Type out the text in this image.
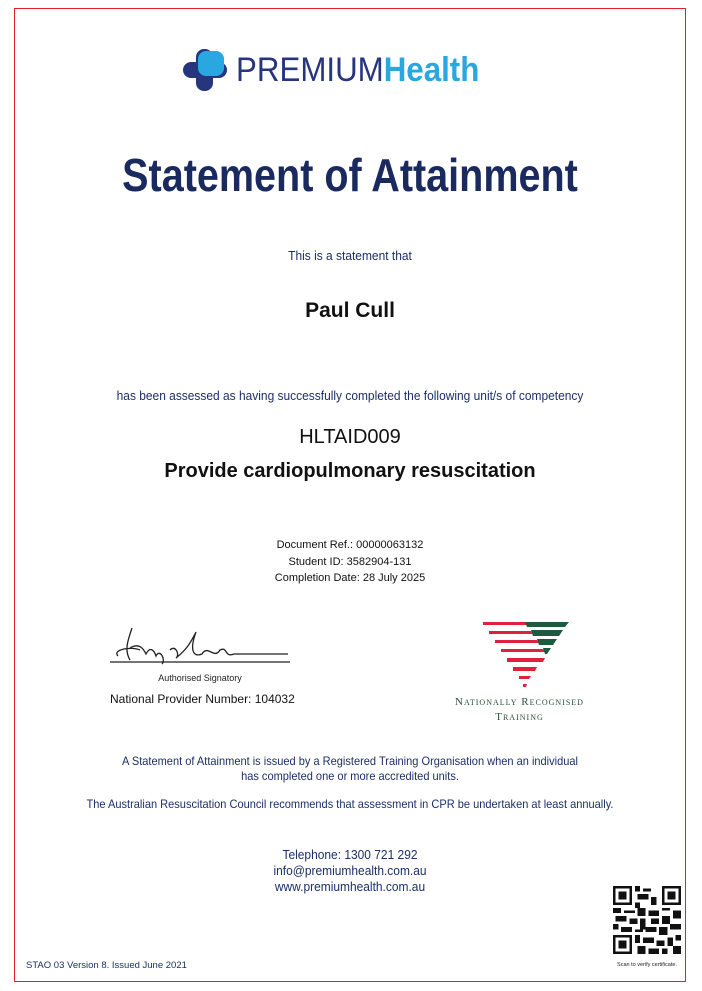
PREMIUMHealth
Statement of Attainment
This is a statement that
Paul Cull
has been assessed as having successfully completed the following unit/s of competency
HLTAID009
Provide cardiopulmonary resuscitation
Document Ref.: 00000063132
Student ID: 3582904-131
Completion Date: 28 July 2025
Authorised Signatory
National Provider Number: 104032	Nationally Recognised
Training
A Statement of Attainment is issued by a Registered Training Organisation when an individual
has completed one or more accredited units.
The Australian Resuscitation Council recommends that assessment in CPR be undertaken at least annually.
Telephone: 1300 721 292
info@premiumhealth.com.au
www.premiumhealth.com.au
Scan to verify certificate.
STAO 03 Version 8. Issued June 2021
